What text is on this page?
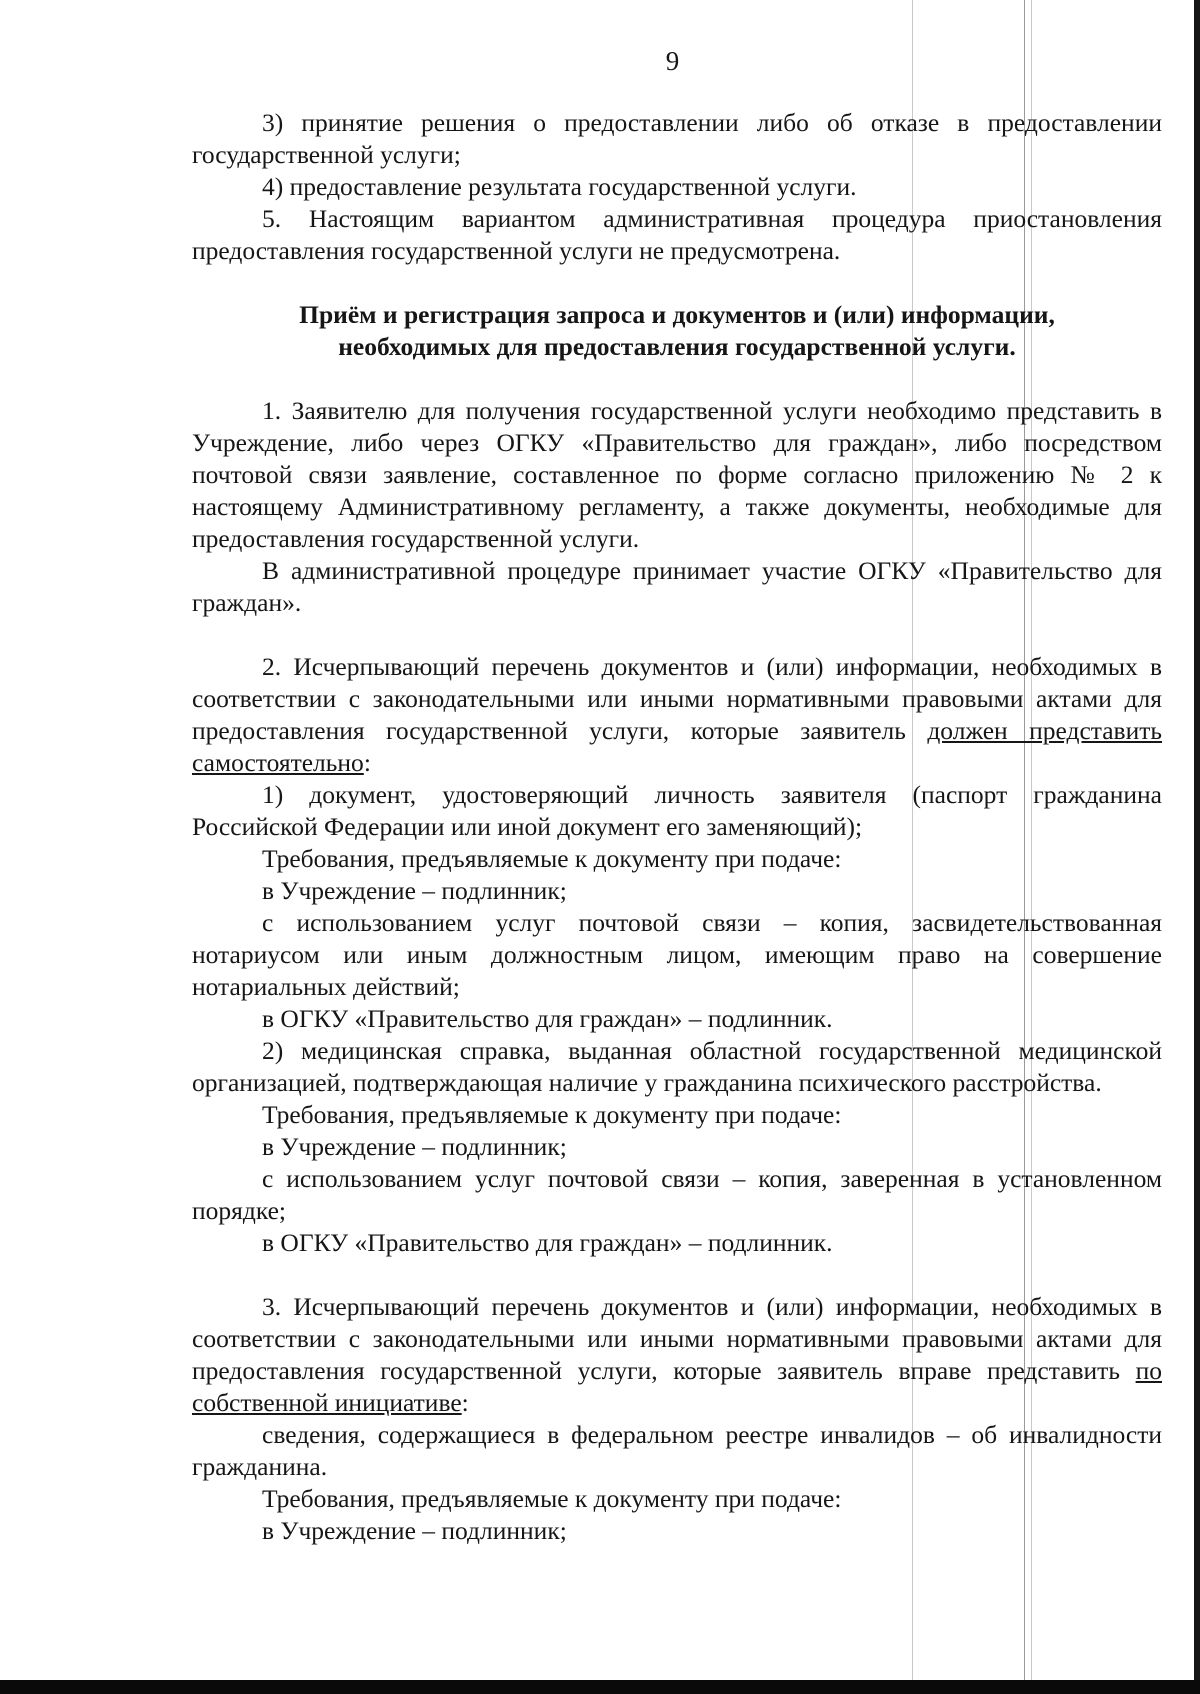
9

3) принятие решения о предоставлении либо об отказе в предоставлении государственной услуги;

4) предоставление результата государственной услуги.

5. Настоящим вариантом административная процедура приостановления предоставления государственной услуги не предусмотрена.

Приём и регистрация запроса и документов и (или) информации, необходимых для предоставления государственной услуги.

1. Заявителю для получения государственной услуги необходимо представить в Учреждение, либо через ОГКУ «Правительство для граждан», либо посредством почтовой связи заявление, составленное по форме согласно приложению № 2 к настоящему Административному регламенту, а также документы, необходимые для предоставления государственной услуги.

В административной процедуре принимает участие ОГКУ «Правительство для граждан».

2. Исчерпывающий перечень документов и (или) информации, необходимых в соответствии с законодательными или иными нормативными правовыми актами для предоставления государственной услуги, которые заявитель должен представить самостоятельно:

1) документ, удостоверяющий личность заявителя (паспорт гражданина Российской Федерации или иной документ его заменяющий);

Требования, предъявляемые к документу при подаче:

в Учреждение – подлинник;

с использованием услуг почтовой связи – копия, засвидетельствованная нотариусом или иным должностным лицом, имеющим право на совершение нотариальных действий;

в ОГКУ «Правительство для граждан» – подлинник.

2) медицинская справка, выданная областной государственной медицинской организацией, подтверждающая наличие у гражданина психического расстройства.

Требования, предъявляемые к документу при подаче:

в Учреждение – подлинник;

с использованием услуг почтовой связи – копия, заверенная в установленном порядке;

в ОГКУ «Правительство для граждан» – подлинник.

3. Исчерпывающий перечень документов и (или) информации, необходимых в соответствии с законодательными или иными нормативными правовыми актами для предоставления государственной услуги, которые заявитель вправе представить по собственной инициативе:

сведения, содержащиеся в федеральном реестре инвалидов – об инвалидности гражданина.

Требования, предъявляемые к документу при подаче:

в Учреждение – подлинник;
